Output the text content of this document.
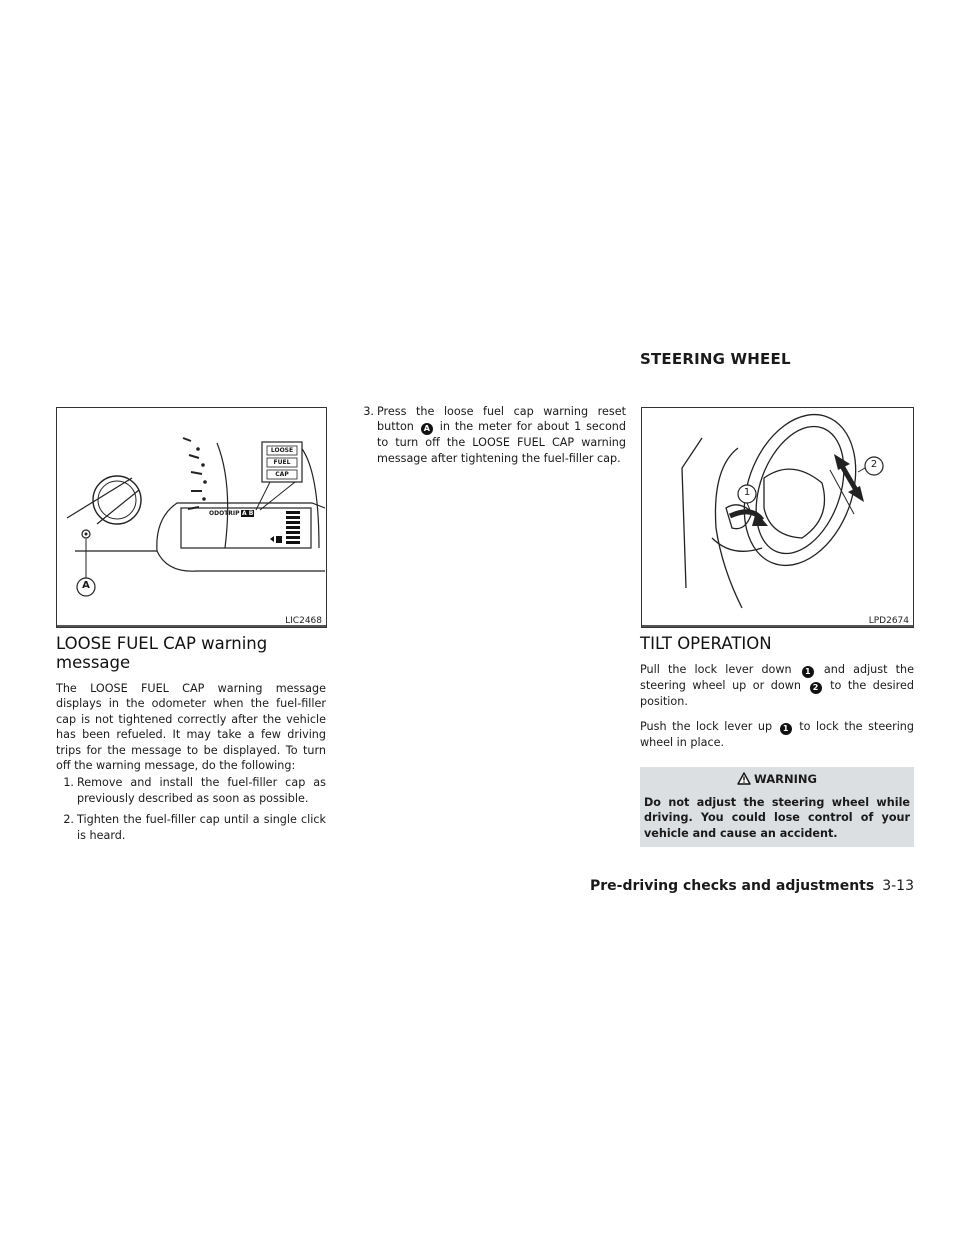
STEERING WHEEL
ODOTRIP A B
LOOSE
FUEL
CAP
A
LIC2468
LOOSE FUEL CAP warning message

The LOOSE FUEL CAP warning message displays in the odometer when the fuel-filler cap is not tightened correctly after the vehicle has been refueled. It may take a few driving trips for the message to be displayed. To turn off the warning message, do the following:

1. Remove and install the fuel-filler cap as previously described as soon as possible.
2. Tighten the fuel-filler cap until a single click is heard.
3. Press the loose fuel cap warning reset button A in the meter for about 1 second to turn off the LOOSE FUEL CAP warning message after tightening the fuel-filler cap.
1
2
LPD2674
TILT OPERATION

Pull the lock lever down 1 and adjust the steering wheel up or down 2 to the desired position.

Push the lock lever up 1 to lock the steering wheel in place.

WARNING
Do not adjust the steering wheel while driving. You could lose control of your vehicle and cause an accident.
Pre-driving checks and adjustments 3-13
